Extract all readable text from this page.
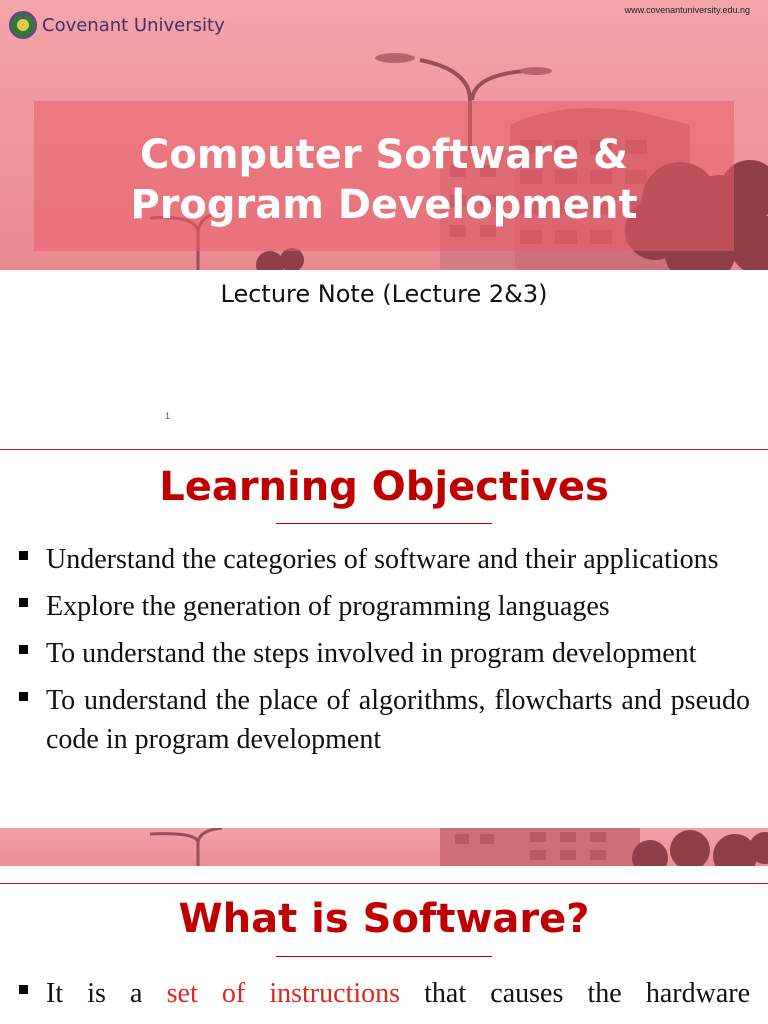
Covenant University
www.covenantuniversity.edu.ng
Computer Software &
Program Development
Lecture Note (Lecture 2&3)
1
Learning Objectives
Understand the categories of software and their applications
Explore the generation of programming languages
To understand the steps involved in program development
To understand the place of algorithms, flowcharts and pseudo code in program development
What is Software?
It is a set of instructions that causes the hardware
